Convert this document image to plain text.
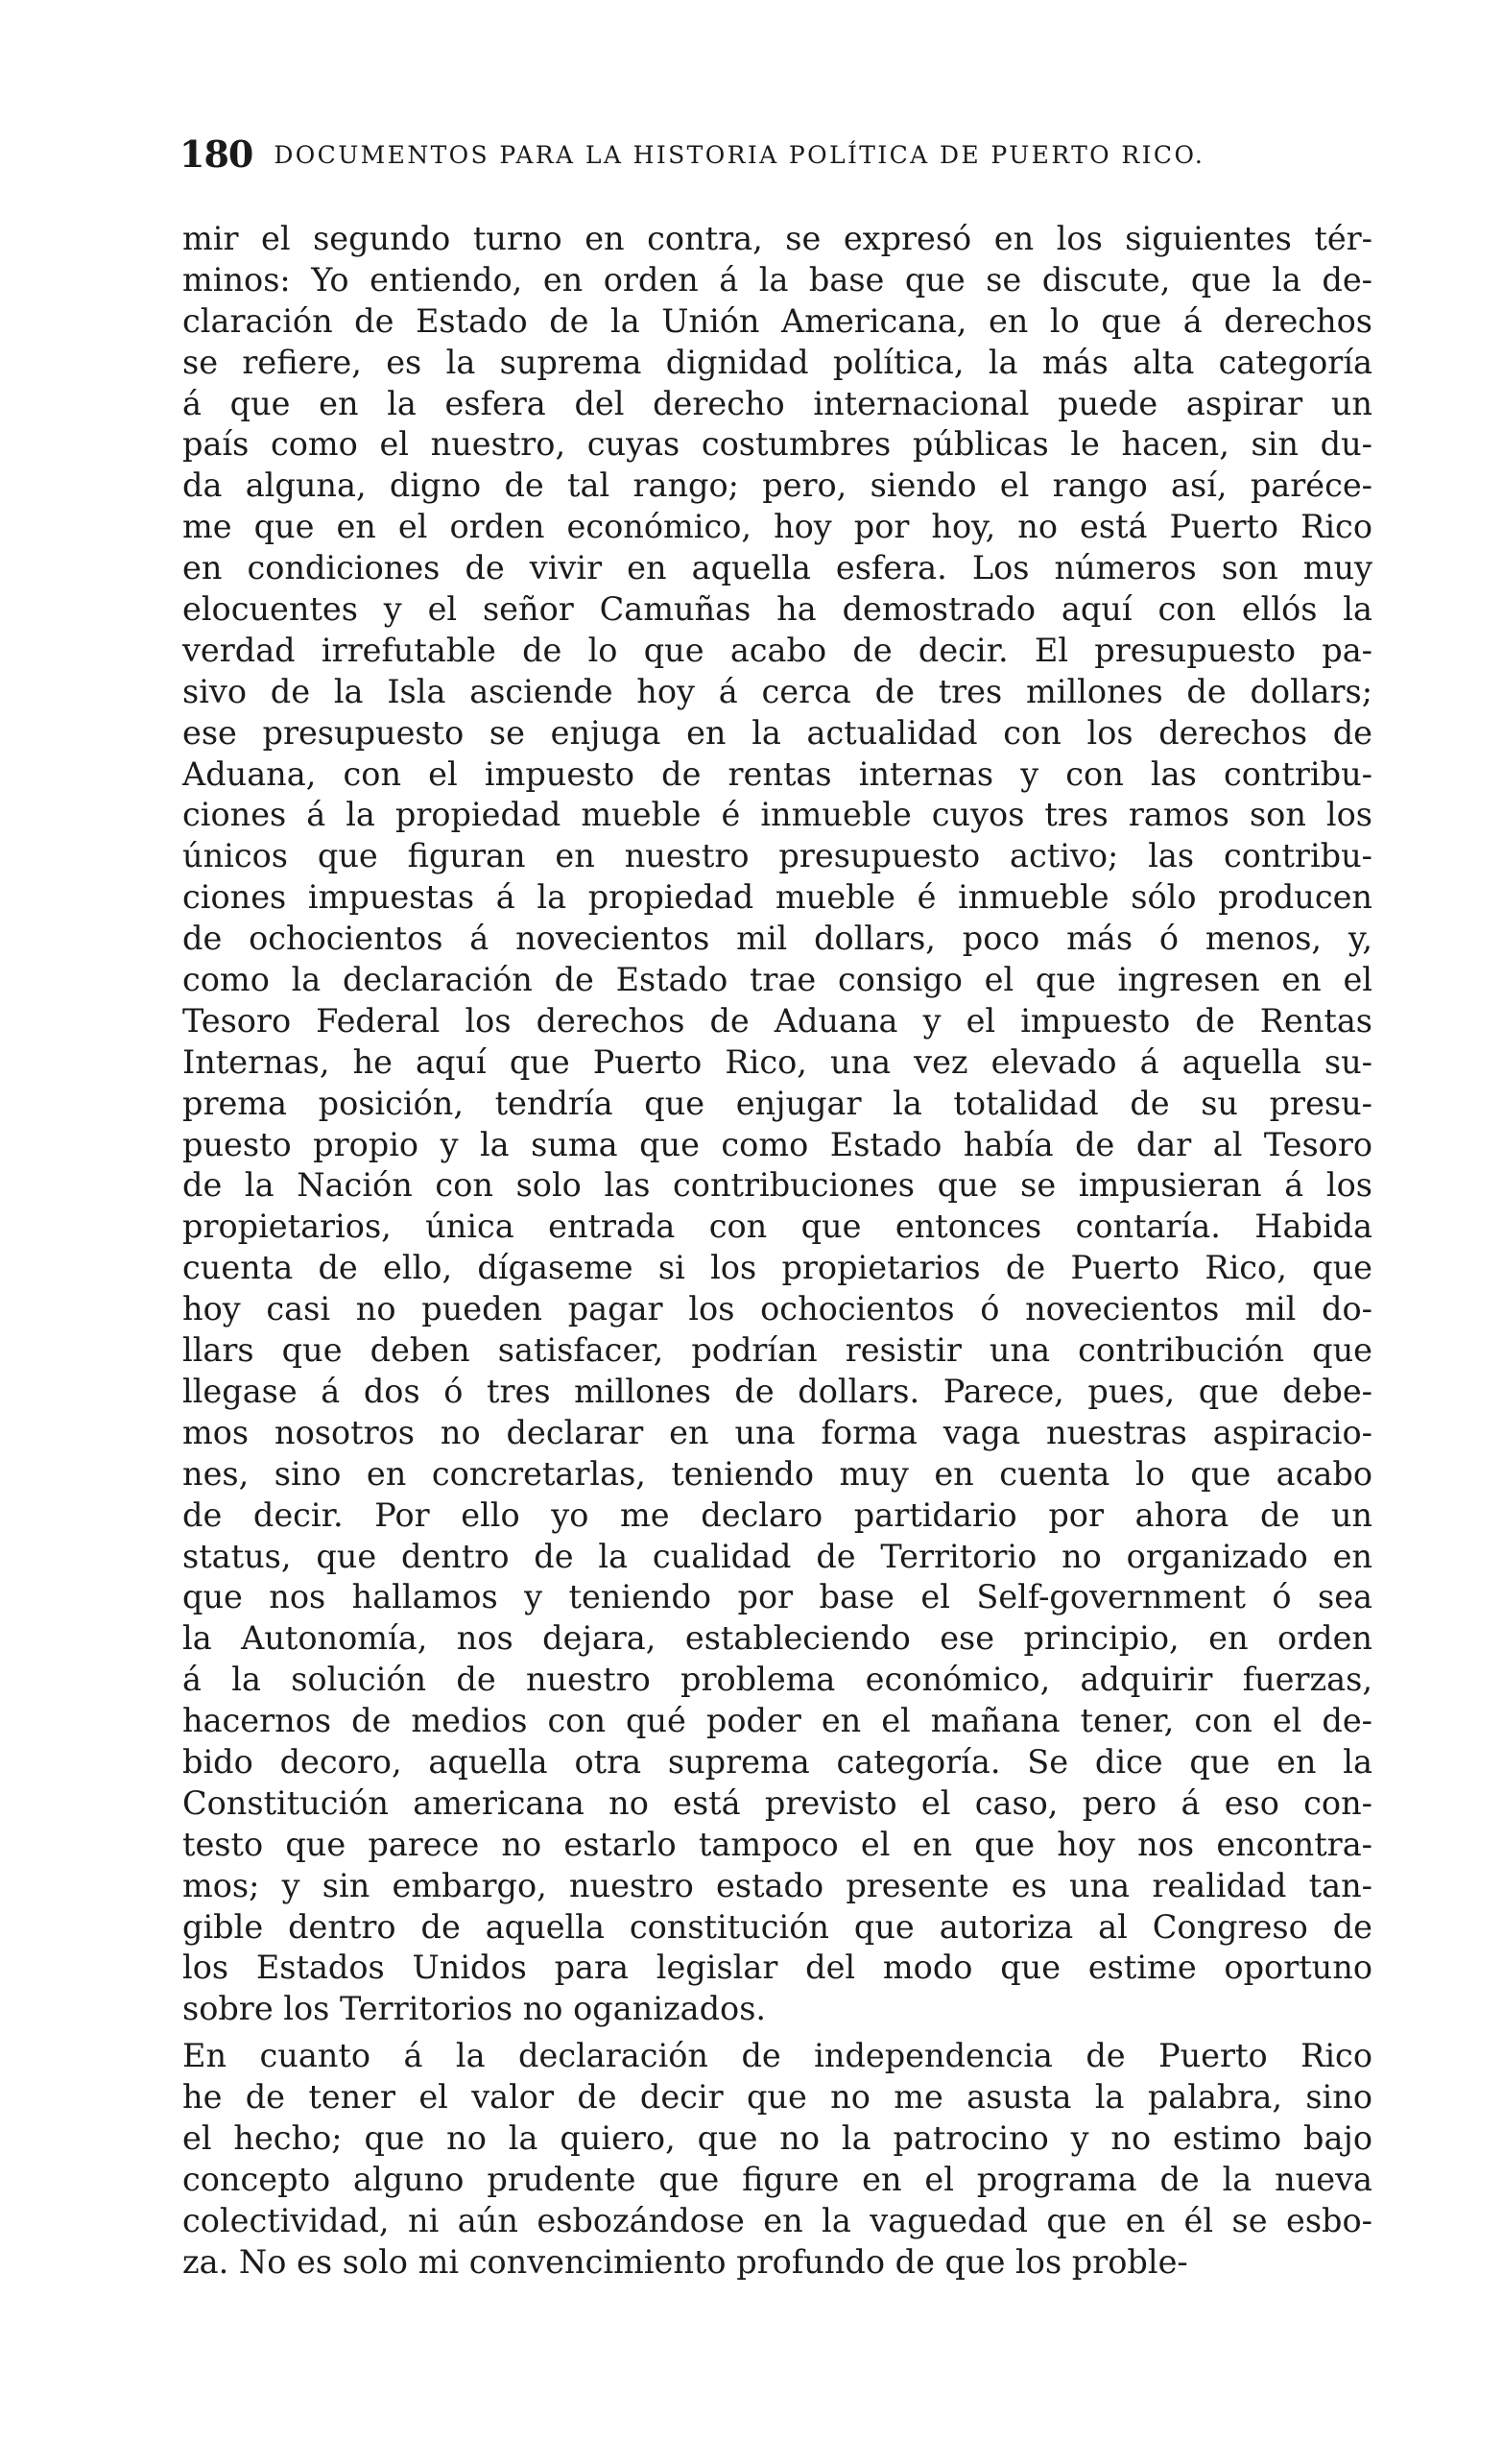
180 DOCUMENTOS PARA LA HISTORIA POLÍTICA DE PUERTO RICO.
mir el segundo turno en contra, se expresó en los siguientes tér-
minos: Yo entiendo, en orden á la base que se discute, que la de-
claración de Estado de la Unión Americana, en lo que á derechos
se refiere, es la suprema dignidad política, la más alta categoría
á que en la esfera del derecho internacional puede aspirar un
país como el nuestro, cuyas costumbres públicas le hacen, sin du-
da alguna, digno de tal rango; pero, siendo el rango así, paréce-
me que en el orden económico, hoy por hoy, no está Puerto Rico
en condiciones de vivir en aquella esfera. Los números son muy
elocuentes y el señor Camuñas ha demostrado aquí con ellós la
verdad irrefutable de lo que acabo de decir. El presupuesto pa-
sivo de la Isla asciende hoy á cerca de tres millones de dollars;
ese presupuesto se enjuga en la actualidad con los derechos de
Aduana, con el impuesto de rentas internas y con las contribu-
ciones á la propiedad mueble é inmueble cuyos tres ramos son los
únicos que figuran en nuestro presupuesto activo; las contribu-
ciones impuestas á la propiedad mueble é inmueble sólo producen
de ochocientos á novecientos mil dollars, poco más ó menos, y,
como la declaración de Estado trae consigo el que ingresen en el
Tesoro Federal los derechos de Aduana y el impuesto de Rentas
Internas, he aquí que Puerto Rico, una vez elevado á aquella su-
prema posición, tendría que enjugar la totalidad de su presu-
puesto propio y la suma que como Estado había de dar al Tesoro
de la Nación con solo las contribuciones que se impusieran á los
propietarios, única entrada con que entonces contaría. Habida
cuenta de ello, dígaseme si los propietarios de Puerto Rico, que
hoy casi no pueden pagar los ochocientos ó novecientos mil do-
llars que deben satisfacer, podrían resistir una contribución que
llegase á dos ó tres millones de dollars. Parece, pues, que debe-
mos nosotros no declarar en una forma vaga nuestras aspiracio-
nes, sino en concretarlas, teniendo muy en cuenta lo que acabo
de decir. Por ello yo me declaro partidario por ahora de un
status, que dentro de la cualidad de Territorio no organizado en
que nos hallamos y teniendo por base el Self-government ó sea
la Autonomía, nos dejara, estableciendo ese principio, en orden
á la solución de nuestro problema económico, adquirir fuerzas,
hacernos de medios con qué poder en el mañana tener, con el de-
bido decoro, aquella otra suprema categoría. Se dice que en la
Constitución americana no está previsto el caso, pero á eso con-
testo que parece no estarlo tampoco el en que hoy nos encontra-
mos; y sin embargo, nuestro estado presente es una realidad tan-
gible dentro de aquella constitución que autoriza al Congreso de
los Estados Unidos para legislar del modo que estime oportuno
sobre los Territorios no oganizados.
En cuanto á la declaración de independencia de Puerto Rico
he de tener el valor de decir que no me asusta la palabra, sino
el hecho; que no la quiero, que no la patrocino y no estimo bajo
concepto alguno prudente que figure en el programa de la nueva
colectividad, ni aún esbozándose en la vaguedad que en él se esbo-
za. No es solo mi convencimiento profundo de que los proble-
